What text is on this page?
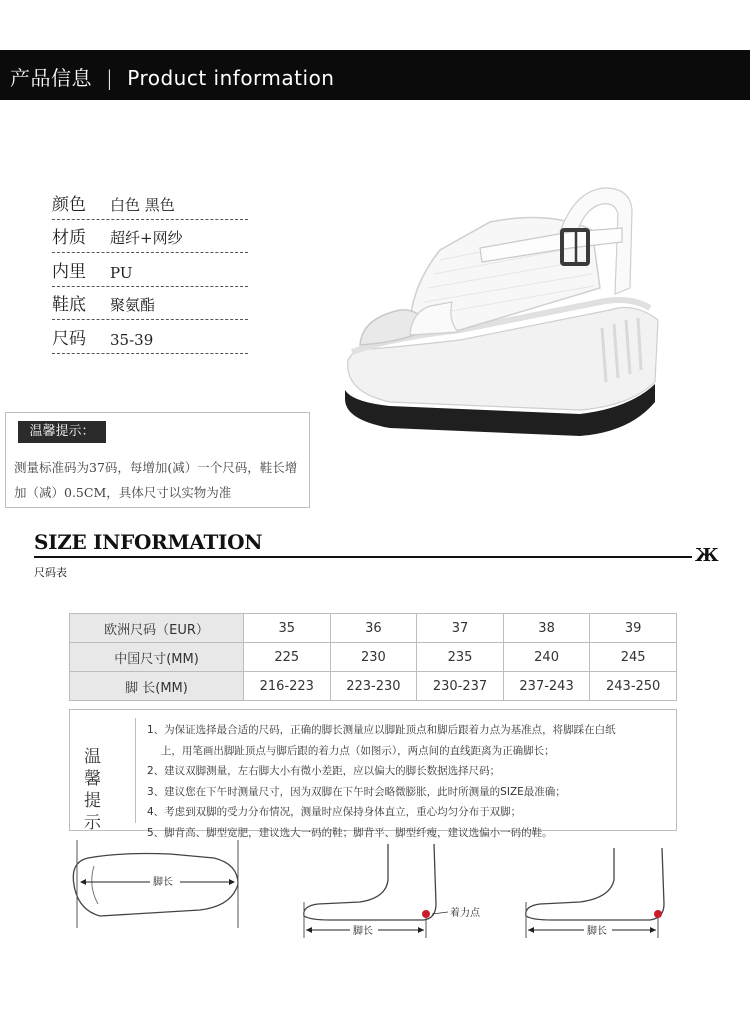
产品信息 | Product information
颜色	白色 黑色
材质	超纤+网纱
内里	PU
鞋底	聚氨酯
尺码	35-39
温馨提示：
测量标准码为37码，每增加(减）一个尺码，鞋长增加（减）0.5CM，具体尺寸以实物为准
SIZE INFORMATION
Ж
尺码表
欧洲尺码（EUR）	35	36	37	38	39
中国尺寸(MM)	225	230	235	240	245
脚 长(MM)	216-223	223-230	230-237	237-243	243-250
温 馨
提 示
1、为保证选择最合适的尺码，正确的脚长测量应以脚趾顶点和脚后跟着力点为基准点，将脚踩在白纸
　 上，用笔画出脚趾顶点与脚后跟的着力点（如图示），两点间的直线距离为正确脚长；
2、建议双脚测量，左右脚大小有微小差距，应以偏大的脚长数据选择尺码；
3、建议您在下午时测量尺寸，因为双脚在下午时会略微膨胀，此时所测量的SIZE最准确；
4、考虑到双脚的受力分布情况，测量时应保持身体直立，重心均匀分布于双脚；
5、脚背高、脚型宽肥，建议选大一码的鞋；脚背平、脚型纤瘦，建议选偏小一码的鞋。
脚长
着力点
脚长	脚长
